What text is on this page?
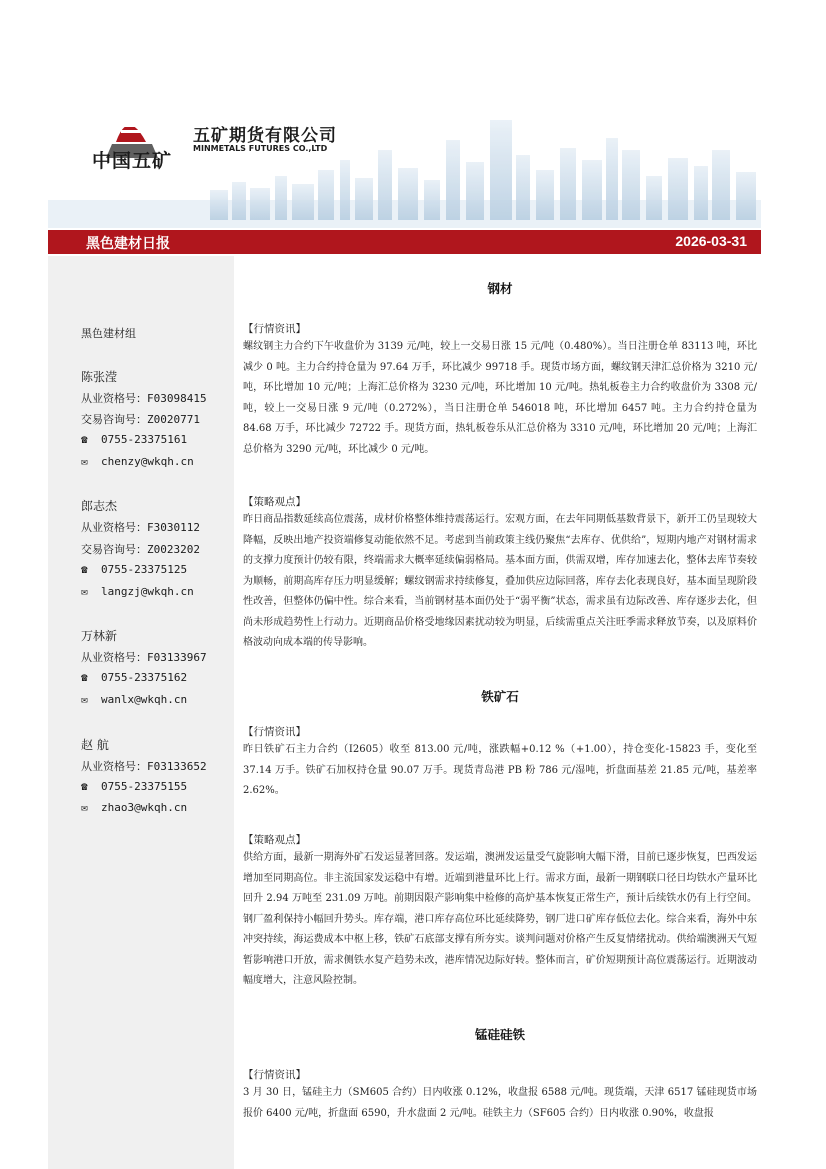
中国五矿
五矿期货有限公司
MINMETALS FUTURES CO.,LTD
黑色建材日报	2026-03-31
黑色建材组
陈张滢
从业资格号：F03098415
交易咨询号：Z0020771
☎ 0755-23375161
✉ chenzy@wkqh.cn
郎志杰
从业资格号：F3030112
交易咨询号：Z0023202
☎ 0755-23375125
✉ langzj@wkqh.cn
万林新
从业资格号：F03133967
☎ 0755-23375162
✉ wanlx@wkqh.cn
赵 航
从业资格号：F03133652
☎ 0755-23375155
✉ zhao3@wkqh.cn
钢材
【行情资讯】

螺纹钢主力合约下午收盘价为 3139 元/吨，较上一交易日涨 15 元/吨（0.480%）。当日注册仓单 83113 吨，环比减少 0 吨。主力合约持仓量为 97.64 万手，环比减少 99718 手。现货市场方面，螺纹钢天津汇总价格为 3210 元/吨，环比增加 10 元/吨；上海汇总价格为 3230 元/吨，环比增加 10 元/吨。热轧板卷主力合约收盘价为 3308 元/吨，较上一交易日涨 9 元/吨（0.272%），当日注册仓单 546018 吨，环比增加 6457 吨。主力合约持仓量为 84.68 万手，环比减少 72722 手。现货方面，热轧板卷乐从汇总价格为 3310 元/吨，环比增加 20 元/吨；上海汇总价格为 3290 元/吨，环比减少 0 元/吨。

【策略观点】

昨日商品指数延续高位震荡，成材价格整体维持震荡运行。宏观方面，在去年同期低基数背景下，新开工仍呈现较大降幅，反映出地产投资端修复动能依然不足。考虑到当前政策主线仍聚焦“去库存、优供给”，短期内地产对钢材需求的支撑力度预计仍较有限，终端需求大概率延续偏弱格局。基本面方面，供需双增，库存加速去化，整体去库节奏较为顺畅，前期高库存压力明显缓解；螺纹钢需求持续修复，叠加供应边际回落，库存去化表现良好，基本面呈现阶段性改善，但整体仍偏中性。综合来看，当前钢材基本面仍处于“弱平衡”状态，需求虽有边际改善、库存逐步去化，但尚未形成趋势性上行动力。近期商品价格受地缘因素扰动较为明显，后续需重点关注旺季需求释放节奏，以及原料价格波动向成本端的传导影响。

铁矿石
【行情资讯】

昨日铁矿石主力合约（I2605）收至 813.00 元/吨，涨跌幅+0.12 %（+1.00），持仓变化-15823 手，变化至 37.14 万手。铁矿石加权持仓量 90.07 万手。现货青岛港 PB 粉 786 元/湿吨，折盘面基差 21.85 元/吨，基差率 2.62%。

【策略观点】

供给方面，最新一期海外矿石发运显著回落。发运端，澳洲发运量受气旋影响大幅下滑，目前已逐步恢复，巴西发运增加至同期高位。非主流国家发运稳中有增。近端到港量环比上行。需求方面，最新一期钢联口径日均铁水产量环比回升 2.94 万吨至 231.09 万吨。前期因限产影响集中检修的高炉基本恢复正常生产，预计后续铁水仍有上行空间。钢厂盈利保持小幅回升势头。库存端，港口库存高位环比延续降势，钢厂进口矿库存低位去化。综合来看，海外中东冲突持续，海运费成本中枢上移，铁矿石底部支撑有所夯实。谈判问题对价格产生反复情绪扰动。供给端澳洲天气短暂影响港口开放，需求侧铁水复产趋势未改，港库情况边际好转。整体而言，矿价短期预计高位震荡运行。近期波动幅度增大，注意风险控制。

锰硅硅铁
【行情资讯】

3 月 30 日，锰硅主力（SM605 合约）日内收涨 0.12%，收盘报 6588 元/吨。现货端，天津 6517 锰硅现货市场报价 6400 元/吨，折盘面 6590，升水盘面 2 元/吨。硅铁主力（SF605 合约）日内收涨 0.90%，收盘报
